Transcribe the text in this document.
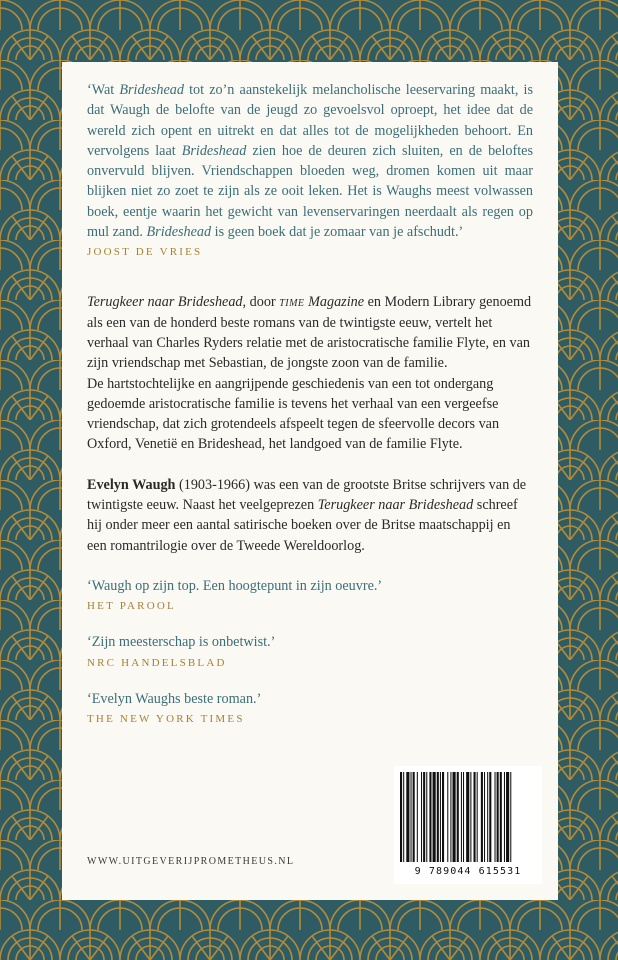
‘Wat Brideshead tot zo’n aanstekelijk melancholische leeservaring maakt, is dat Waugh de belofte van de jeugd zo gevoelsvol oproept, het idee dat de wereld zich opent en uitrekt en dat alles tot de mogelijkheden behoort. En vervolgens laat Brideshead zien hoe de deuren zich sluiten, en de beloftes onvervuld blijven. Vriendschappen bloeden weg, dromen komen uit maar blijken niet zo zoet te zijn als ze ooit leken. Het is Waughs meest volwassen boek, eentje waarin het gewicht van levenservaringen neerdaalt als regen op mul zand. Brideshead is geen boek dat je zomaar van je afschudt.’

JOOST DE VRIES

Terugkeer naar Brideshead, door time Magazine en Modern Library genoemd als een van de honderd beste romans van de twintigste eeuw, vertelt het verhaal van Charles Ryders relatie met de aristocratische familie Flyte, en van zijn vriendschap met Sebastian, de jongste zoon van de familie.

De hartstochtelijke en aangrijpende geschiedenis van een tot ondergang gedoemde aristocratische familie is tevens het verhaal van een vergeefse vriendschap, dat zich grotendeels afspeelt tegen de sfeervolle decors van Oxford, Venetië en Brideshead, het landgoed van de familie Flyte.

Evelyn Waugh (1903-1966) was een van de grootste Britse schrijvers van de twintigste eeuw. Naast het veelgeprezen Terugkeer naar Brideshead schreef hij onder meer een aantal satirische boeken over de Britse maatschappij en een romantrilogie over de Tweede Wereldoorlog.

‘Waugh op zijn top. Een hoogtepunt in zijn oeuvre.’

HET PAROOL

‘Zijn meesterschap is onbetwist.’

NRC HANDELSBLAD

‘Evelyn Waughs beste roman.’

THE NEW YORK TIMES

WWW.UITGEVERIJPROMETHEUS.NL
9 789044 615531
